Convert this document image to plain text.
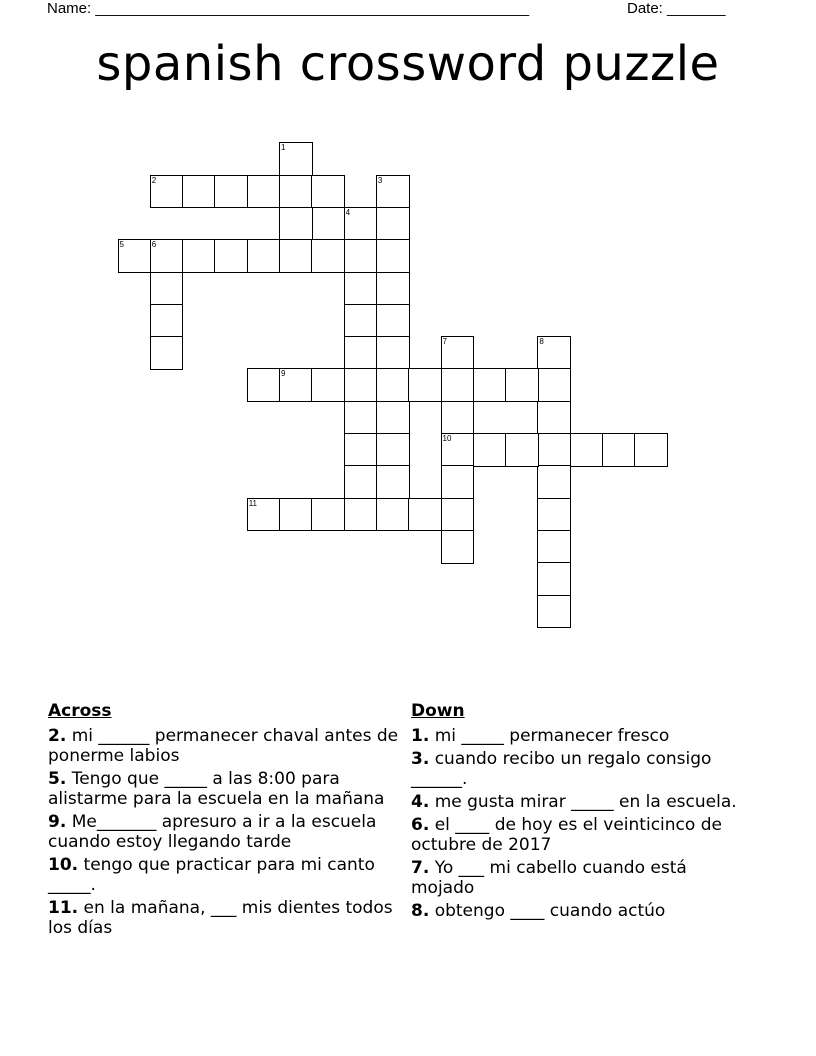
Name: ____________________________________________________	Date: _______
spanish crossword puzzle
1
2	3
4
5	6
7
10
8
9
11
Across
2. mi ______ permanecer chaval antes de ponerme labios
5. Tengo que _____ a las 8:00 para alistarme para la escuela en la mañana
9. Me_______ apresuro a ir a la escuela cuando estoy llegando tarde
10. tengo que practicar para mi canto _____.
11. en la mañana, ___ mis dientes todos los días
Down
1. mi _____ permanecer fresco
3. cuando recibo un regalo consigo ______.
4. me gusta mirar _____ en la escuela.
6. el ____ de hoy es el veinticinco de octubre de 2017
7. Yo ___ mi cabello cuando está mojado
8. obtengo ____ cuando actúo
